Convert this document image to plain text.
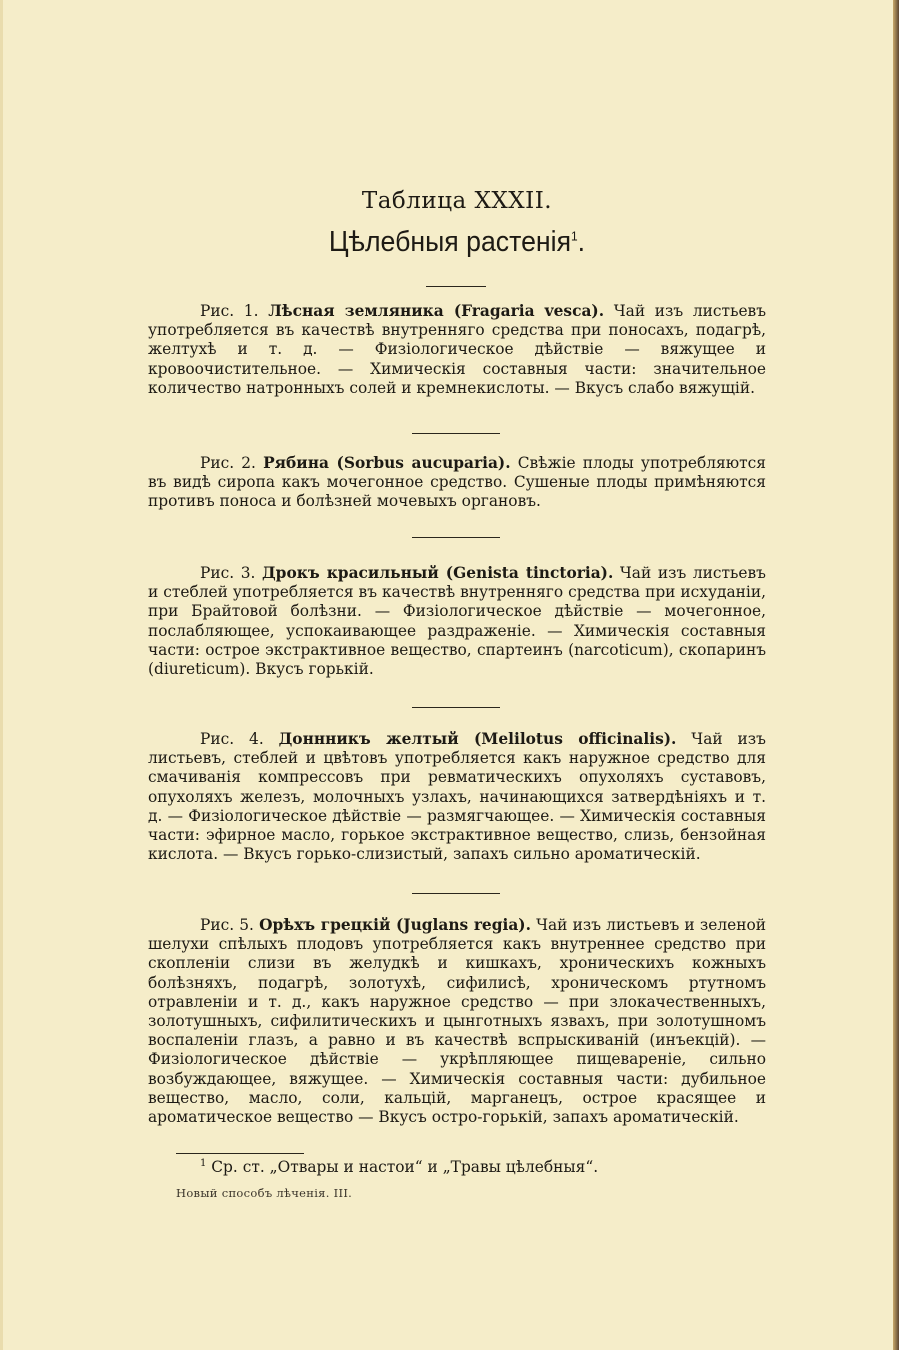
Таблица XXXII.
Цѣлебныя растенія$^1$.

Рис. 1. Лѣсная земляника (Fragaria vesca). Чай изъ листьевъ употребляется въ качествѣ внутренняго средства при поносахъ, подагрѣ, желтухѣ и т. д. — Физіологическое дѣйствіе — вяжущее и кровоочистительное. — Химическія составныя части: значительное количество натронныхъ солей и кремнекислоты. — Вкусъ слабо вяжущій.

Рис. 2. Рябина (Sorbus aucuparia). Свѣжіе плоды употребляются въ видѣ сиропа какъ мочегонное средство. Сушеные плоды примѣняются противъ поноса и болѣзней мочевыхъ органовъ.

Рис. 3. Дрокъ красильный (Genista tinctoria). Чай изъ листьевъ и стеблей употребляется въ качествѣ внутренняго средства при исхуданіи, при Брайтовой болѣзни. — Физіологическое дѣйствіе — мочегонное, послабляющее, успокаивающее раздраженіе. — Химическія составныя части: острое экстрактивное вещество, спартеинъ (narcoticum), скопаринъ (diureticum). Вкусъ горькій.

Рис. 4. Доннникъ желтый (Melilotus officinalis). Чай изъ листьевъ, стеблей и цвѣтовъ употребляется какъ наружное средство для смачиванія компрессовъ при ревматическихъ опухоляхъ суставовъ, опухоляхъ железъ, молочныхъ узлахъ, начинающихся затвердѣніяхъ и т. д. — Физіологическое дѣйствіе — размягчающее. — Химическія составныя части: эфирное масло, горькое экстрактивное вещество, слизь, бензойная кислота. — Вкусъ горько-слизистый, запахъ сильно ароматическій.

Рис. 5. Орѣхъ грецкій (Juglans regia). Чай изъ листьевъ и зеленой шелухи спѣлыхъ плодовъ употребляется какъ внутреннее средство при скопленіи слизи въ желудкѣ и кишкахъ, хроническихъ кожныхъ болѣзняхъ, подагрѣ, золотухѣ, сифилисѣ, хроническомъ ртутномъ отравленіи и т. д., какъ наружное средство — при злокачественныхъ, золотушныхъ, сифилитическихъ и цынготныхъ язвахъ, при золотушномъ воспаленіи глазъ, а равно и въ качествѣ вспрыскиваній (инъекцій). — Физіологическое дѣйствіе — укрѣпляющее пищевареніе, сильно возбуждающее, вяжущее. — Химическія составныя части: дубильное вещество, масло, соли, кальцій, марганецъ, острое красящее и ароматическое вещество — Вкусъ остро-горькій, запахъ ароматическій.

$^1$ Ср. ст. „Отвары и настои“ и „Травы цѣлебныя“.
Новый способъ лѣченія. III.
